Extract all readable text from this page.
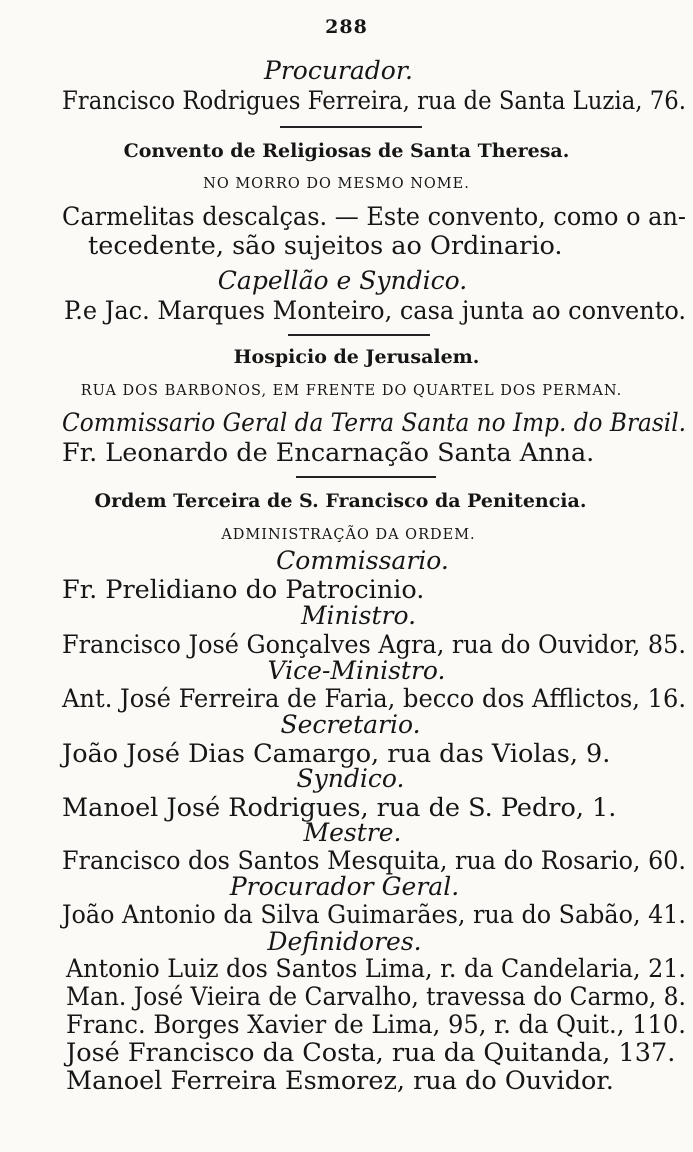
288
Procurador.
Francisco Rodrigues Ferreira, rua de Santa Luzia, 76.
Convento de Religiosas de Santa Theresa.
NO MORRO DO MESMO NOME.
Carmelitas descalças. — Este convento, como o an-
tecedente, são sujeitos ao Ordinario.
Capellão e Syndico.
P.e Jac. Marques Monteiro, casa junta ao convento.
Hospicio de Jerusalem.
RUA DOS BARBONOS, EM FRENTE DO QUARTEL DOS PERMAN.
Commissario Geral da Terra Santa no Imp. do Brasil.
Fr. Leonardo de Encarnação Santa Anna.
Ordem Terceira de S. Francisco da Penitencia.
ADMINISTRAÇÃO DA ORDEM.
Commissario.
Fr. Prelidiano do Patrocinio.
Ministro.
Francisco José Gonçalves Agra, rua do Ouvidor, 85.
Vice-Ministro.
Ant. José Ferreira de Faria, becco dos Afflictos, 16.
Secretario.
João José Dias Camargo, rua das Violas, 9.
Syndico.
Manoel José Rodrigues, rua de S. Pedro, 1.
Mestre.
Francisco dos Santos Mesquita, rua do Rosario, 60.
Procurador Geral.
João Antonio da Silva Guimarães, rua do Sabão, 41.
Definidores.
Antonio Luiz dos Santos Lima, r. da Candelaria, 21.
Man. José Vieira de Carvalho, travessa do Carmo, 8.
Franc. Borges Xavier de Lima, 95, r. da Quit., 110.
José Francisco da Costa, rua da Quitanda, 137.
Manoel Ferreira Esmorez, rua do Ouvidor.
